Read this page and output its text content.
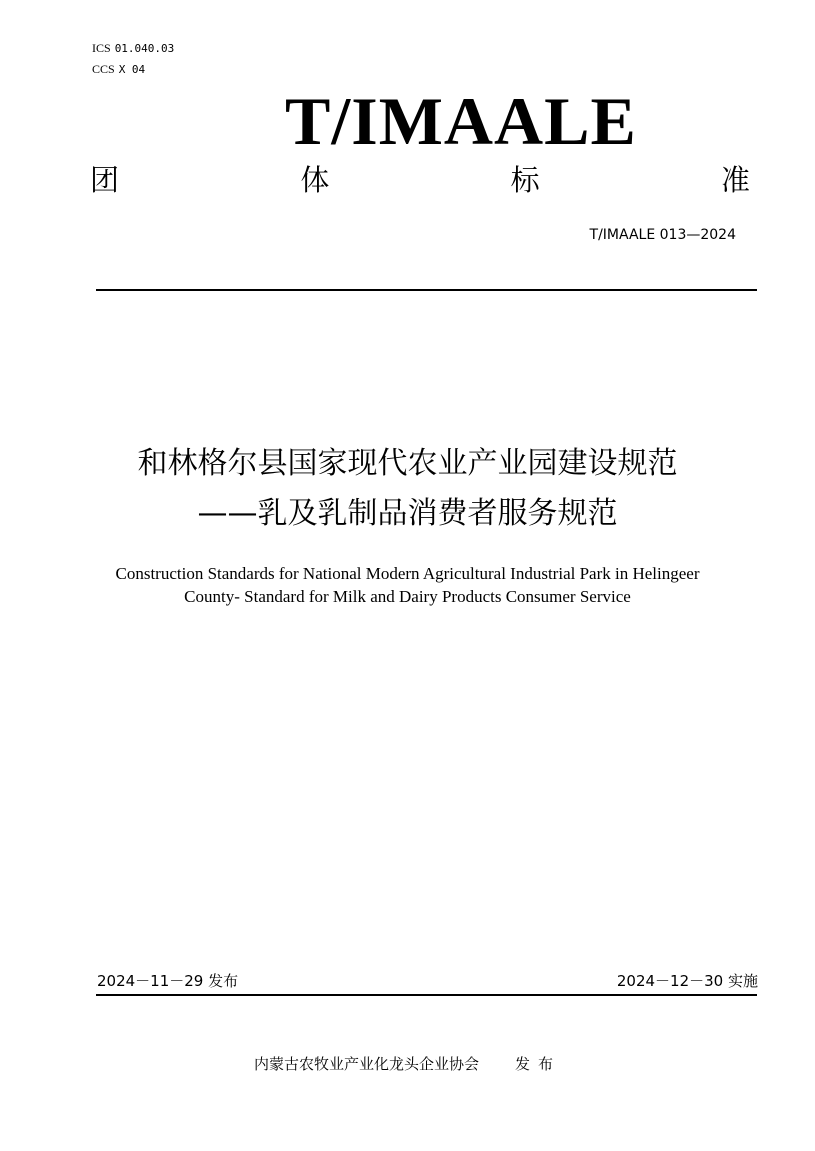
ICS 01.040.03
CCS X 04
T/IMAALE
团	体	标	准
T/IMAALE 013—2024
和林格尔县国家现代农业产业园建设规范
——乳及乳制品消费者服务规范
Construction Standards for National Modern Agricultural Industrial Park in Helingeer
County- Standard for Milk and Dairy Products Consumer Service
2024－11－29 发布	2024－12－30 实施
内蒙古农牧业产业化龙头企业协会 发布
